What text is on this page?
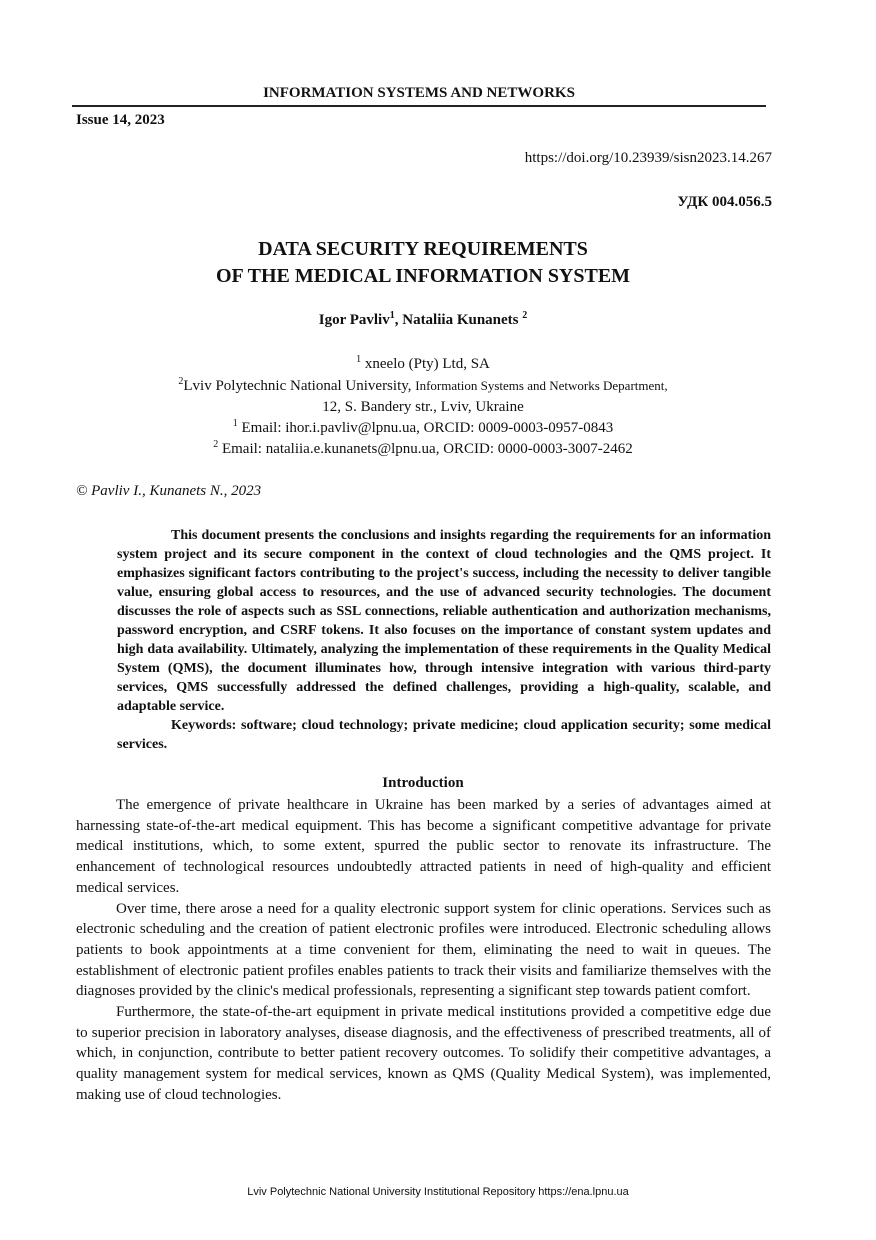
INFORMATION SYSTEMS AND NETWORKS
Issue 14, 2023
https://doi.org/10.23939/sisn2023.14.267
УДК 004.056.5
DATA SECURITY REQUIREMENTS
OF THE MEDICAL INFORMATION SYSTEM
Igor Pavliv$^1$, Nataliia Kunanets $^2$
$^1$ xneelo (Pty) Ltd, SA
$^2$Lviv Polytechnic National University, Information Systems and Networks Department,
12, S. Bandery str., Lviv, Ukraine
$^1$ Email: ihor.i.pavliv@lpnu.ua, ORCID: 0009-0003-0957-0843
$^2$ Email: nataliia.e.kunanets@lpnu.ua, ORCID: 0000-0003-3007-2462
© Pavliv I., Kunanets N., 2023

This document presents the conclusions and insights regarding the requirements for an information system project and its secure component in the context of cloud technologies and the QMS project. It emphasizes significant factors contributing to the project's success, including the necessity to deliver tangible value, ensuring global access to resources, and the use of advanced security technologies. The document discusses the role of aspects such as SSL connections, reliable authentication and authorization mechanisms, password encryption, and CSRF tokens. It also focuses on the importance of constant system updates and high data availability. Ultimately, analyzing the implementation of these requirements in the Quality Medical System (QMS), the document illuminates how, through intensive integration with various third-party services, QMS successfully addressed the defined challenges, providing a high-quality, scalable, and adaptable service.

Keywords: software; cloud technology; private medicine; cloud application security; some medical services.

Introduction

The emergence of private healthcare in Ukraine has been marked by a series of advantages aimed at harnessing state-of-the-art medical equipment. This has become a significant competitive advantage for private medical institutions, which, to some extent, spurred the public sector to renovate its infrastructure. The enhancement of technological resources undoubtedly attracted patients in need of high-quality and efficient medical services.

Over time, there arose a need for a quality electronic support system for clinic operations. Services such as electronic scheduling and the creation of patient electronic profiles were introduced. Electronic scheduling allows patients to book appointments at a time convenient for them, eliminating the need to wait in queues. The establishment of electronic patient profiles enables patients to track their visits and familiarize themselves with the diagnoses provided by the clinic's medical professionals, representing a significant step towards patient comfort.

Furthermore, the state-of-the-art equipment in private medical institutions provided a competitive edge due to superior precision in laboratory analyses, disease diagnosis, and the effectiveness of prescribed treatments, all of which, in conjunction, contribute to better patient recovery outcomes. To solidify their competitive advantages, a quality management system for medical services, known as QMS (Quality Medical System), was implemented, making use of cloud technologies.

Lviv Polytechnic National University Institutional Repository https://ena.lpnu.ua
